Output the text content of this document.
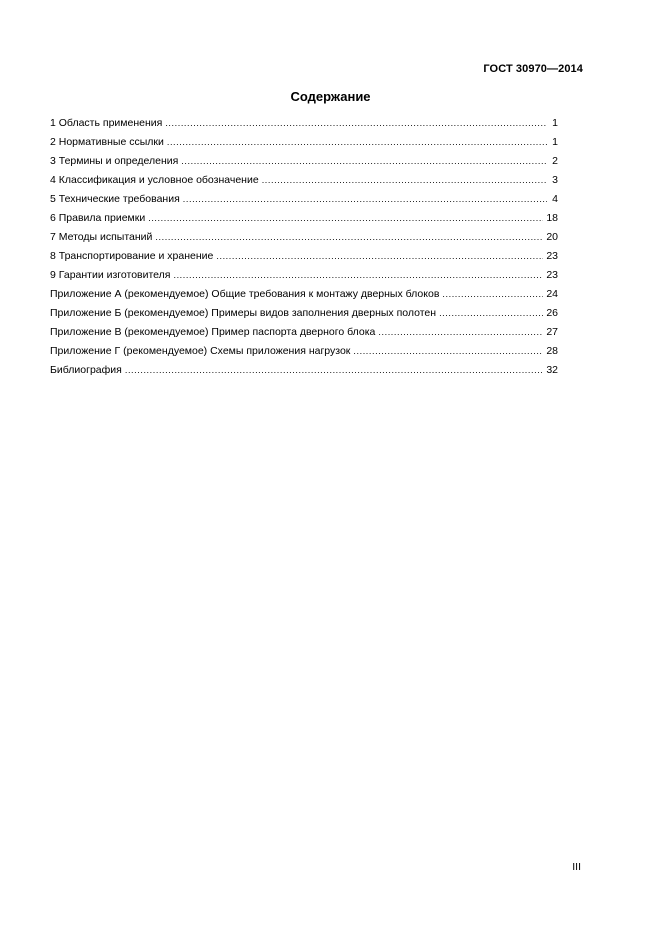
ГОСТ 30970—2014
Содержание
1 Область применения .....	1
2 Нормативные ссылки .....	1
3 Термины и определения .....	2
4 Классификация и условное обозначение .....	3
5 Технические требования .....	4
6 Правила приемки .....	18
7 Методы испытаний .....	20
8 Транспортирование и хранение .....	23
9 Гарантии изготовителя .....	23
Приложение А (рекомендуемое) Общие требования к монтажу дверных блоков .....	24
Приложение Б (рекомендуемое) Примеры видов заполнения дверных полотен .....	26
Приложение В (рекомендуемое) Пример паспорта дверного блока .....	27
Приложение Г (рекомендуемое) Схемы приложения нагрузок .....	28
Библиография .....	32
III
